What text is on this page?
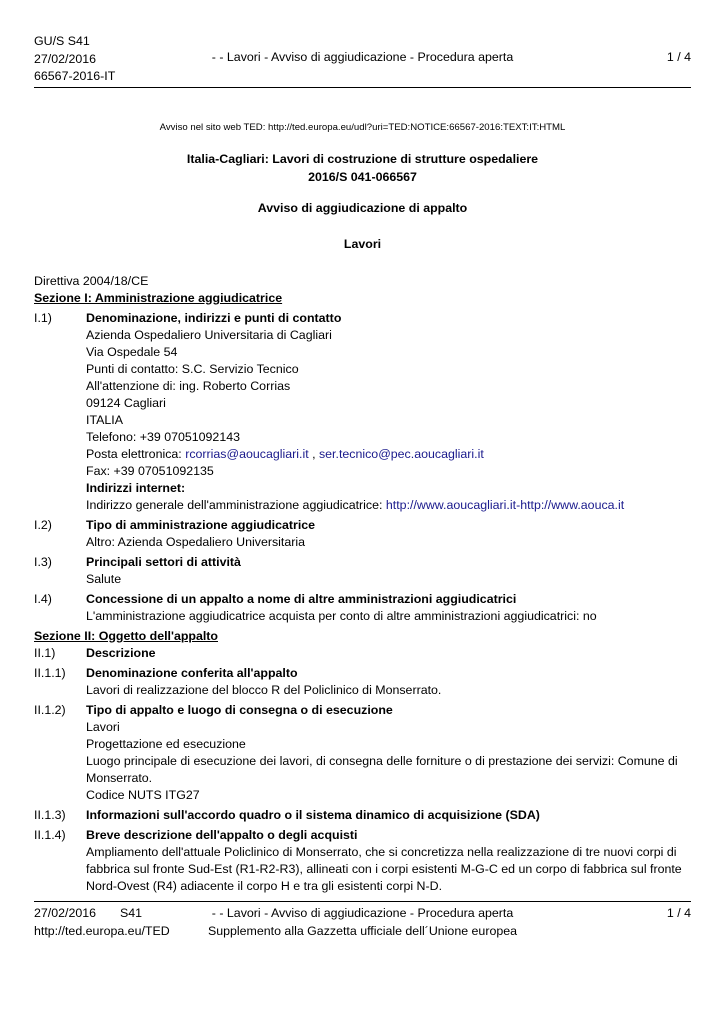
GU/S S41
27/02/2016
66567-2016-IT
- - Lavori - Avviso di aggiudicazione - Procedura aperta	1 / 4
Avviso nel sito web TED: http://ted.europa.eu/udl?uri=TED:NOTICE:66567-2016:TEXT:IT:HTML
Italia-Cagliari: Lavori di costruzione di strutture ospedaliere
2016/S 041-066567
Avviso di aggiudicazione di appalto
Lavori
Direttiva 2004/18/CE
Sezione I: Amministrazione aggiudicatrice
I.1)	Denominazione, indirizzi e punti di contatto
Azienda Ospedaliero Universitaria di Cagliari
Via Ospedale 54
Punti di contatto: S.C. Servizio Tecnico
All'attenzione di: ing. Roberto Corrias
09124 Cagliari
ITALIA
Telefono: +39 07051092143
Posta elettronica: rcorrias@aoucagliari.it , ser.tecnico@pec.aoucagliari.it
Fax: +39 07051092135
Indirizzi internet:
Indirizzo generale dell'amministrazione aggiudicatrice: http://www.aoucagliari.it-http://www.aouca.it
I.2)	Tipo di amministrazione aggiudicatrice
Altro: Azienda Ospedaliero Universitaria
I.3)	Principali settori di attività
Salute
I.4)	Concessione di un appalto a nome di altre amministrazioni aggiudicatrici
L'amministrazione aggiudicatrice acquista per conto di altre amministrazioni aggiudicatrici: no
Sezione II: Oggetto dell'appalto
II.1)	Descrizione
II.1.1)	Denominazione conferita all'appalto
Lavori di realizzazione del blocco R del Policlinico di Monserrato.
II.1.2)	Tipo di appalto e luogo di consegna o di esecuzione
Lavori
Progettazione ed esecuzione
Luogo principale di esecuzione dei lavori, di consegna delle forniture o di prestazione dei servizi: Comune di Monserrato.
Codice NUTS ITG27
II.1.3)	Informazioni sull'accordo quadro o il sistema dinamico di acquisizione (SDA)
II.1.4)	Breve descrizione dell'appalto o degli acquisti
Ampliamento dell'attuale Policlinico di Monserrato, che si concretizza nella realizzazione di tre nuovi corpi di fabbrica sul fronte Sud-Est (R1-R2-R3), allineati con i corpi esistenti M-G-C ed un corpo di fabbrica sul fronte Nord-Ovest (R4) adiacente il corpo H e tra gli esistenti corpi N-D.
27/02/2016 S41
http://ted.europa.eu/TED
- - Lavori - Avviso di aggiudicazione - Procedura aperta
Supplemento alla Gazzetta ufficiale dell´Unione europea
1 / 4
